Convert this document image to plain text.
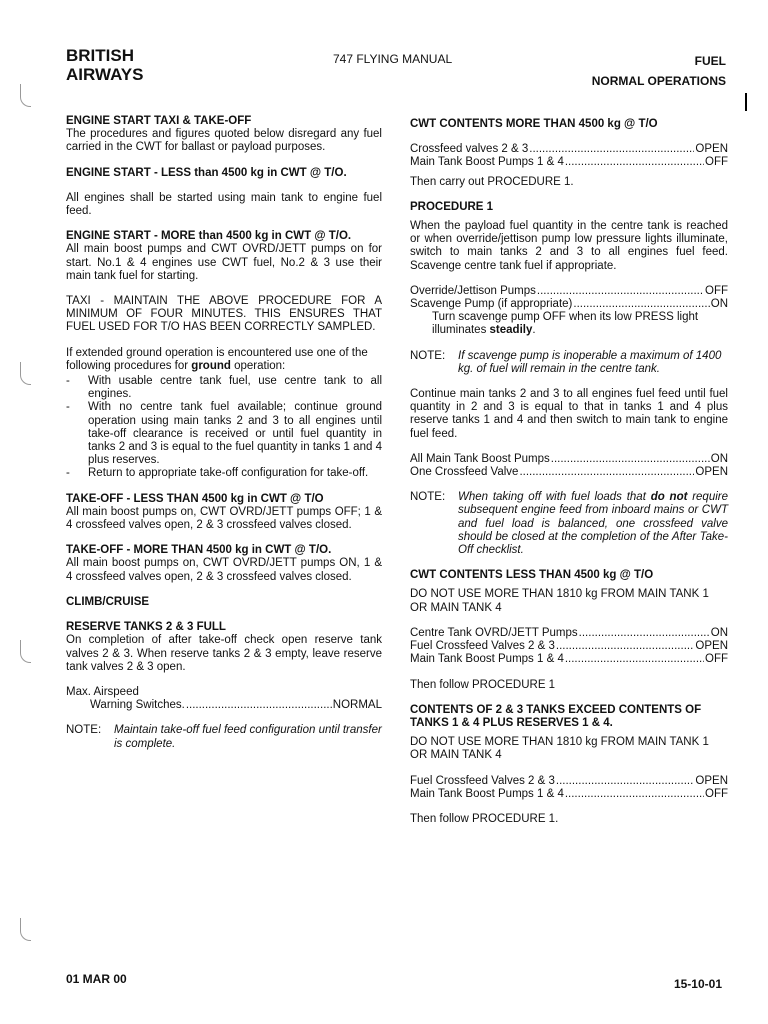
BRITISH
AIRWAYS
747 FLYING MANUAL	FUEL
NORMAL OPERATIONS

ENGINE START TAXI & TAKE-OFF

The procedures and figures quoted below disregard any fuel carried in the CWT for ballast or payload purposes.

ENGINE START - LESS than 4500 kg in CWT @ T/O.

All engines shall be started using main tank to engine fuel feed.

ENGINE START - MORE than 4500 kg in CWT @ T/O.

All main boost pumps and CWT OVRD/JETT pumps on for start. No.1 & 4 engines use CWT fuel, No.2 & 3 use their main tank fuel for starting.

TAXI - MAINTAIN THE ABOVE PROCEDURE FOR A MINIMUM OF FOUR MINUTES. THIS ENSURES THAT FUEL USED FOR T/O HAS BEEN CORRECTLY SAMPLED.

If extended ground operation is encountered use one of the following procedures for ground operation:

- With usable centre tank fuel, use centre tank to all engines.
- With no centre tank fuel available; continue ground operation using main tanks 2 and 3 to all engines until take-off clearance is received or until fuel quantity in tanks 2 and 3 is equal to the fuel quantity in tanks 1 and 4 plus reserves.
- Return to appropriate take-off configuration for take-off.

TAKE-OFF - LESS THAN 4500 kg in CWT @ T/O

All main boost pumps on, CWT OVRD/JETT pumps OFF; 1 & 4 crossfeed valves open, 2 & 3 crossfeed valves closed.

TAKE-OFF - MORE THAN 4500 kg in CWT @ T/O.

All main boost pumps on, CWT OVRD/JETT pumps ON, 1 & 4 crossfeed valves open, 2 & 3 crossfeed valves closed.

CLIMB/CRUISE

RESERVE TANKS 2 & 3 FULL

On completion of after take-off check open reserve tank valves 2 & 3. When reserve tanks 2 & 3 empty, leave reserve tank valves 2 & 3 open.

Max. Airspeed

Warning Switches. .....	NORMAL
NOTE:	Maintain take-off fuel feed configuration until transfer is complete.

CWT CONTENTS MORE THAN 4500 kg @ T/O

Crossfeed valves 2 & 3 .....	OPEN
Main Tank Boost Pumps 1 & 4 .....	OFF

Then carry out PROCEDURE 1.

PROCEDURE 1

When the payload fuel quantity in the centre tank is reached or when override/jettison pump low pressure lights illuminate, switch to main tanks 2 and 3 to all engines fuel feed. Scavenge centre tank fuel if appropriate.

Override/Jettison Pumps .....	OFF
Scavenge Pump (if appropriate) .....	ON

Turn scavenge pump OFF when its low PRESS light illuminates steadily.

NOTE:	If scavenge pump is inoperable a maximum of 1400 kg. of fuel will remain in the centre tank.

Continue main tanks 2 and 3 to all engines fuel feed until fuel quantity in 2 and 3 is equal to that in tanks 1 and 4 plus reserve tanks 1 and 4 and then switch to main tank to engine fuel feed.

All Main Tank Boost Pumps .....	ON
One Crossfeed Valve .....	OPEN
NOTE:	When taking off with fuel loads that do not require subsequent engine feed from inboard mains or CWT and fuel load is balanced, one crossfeed valve should be closed at the completion of the After Take-Off checklist.

CWT CONTENTS LESS THAN 4500 kg @ T/O

DO NOT USE MORE THAN 1810 kg FROM MAIN TANK 1 OR MAIN TANK 4

Centre Tank OVRD/JETT Pumps .....	ON
Fuel Crossfeed Valves 2 & 3 .....	OPEN
Main Tank Boost Pumps 1 & 4 .....	OFF

Then follow PROCEDURE 1

CONTENTS OF 2 & 3 TANKS EXCEED CONTENTS OF TANKS 1 & 4 PLUS RESERVES 1 & 4.

DO NOT USE MORE THAN 1810 kg FROM MAIN TANK 1 OR MAIN TANK 4

Fuel Crossfeed Valves 2 & 3 .....	OPEN
Main Tank Boost Pumps 1 & 4 .....	OFF

Then follow PROCEDURE 1.

01 MAR 00	15-10-01
